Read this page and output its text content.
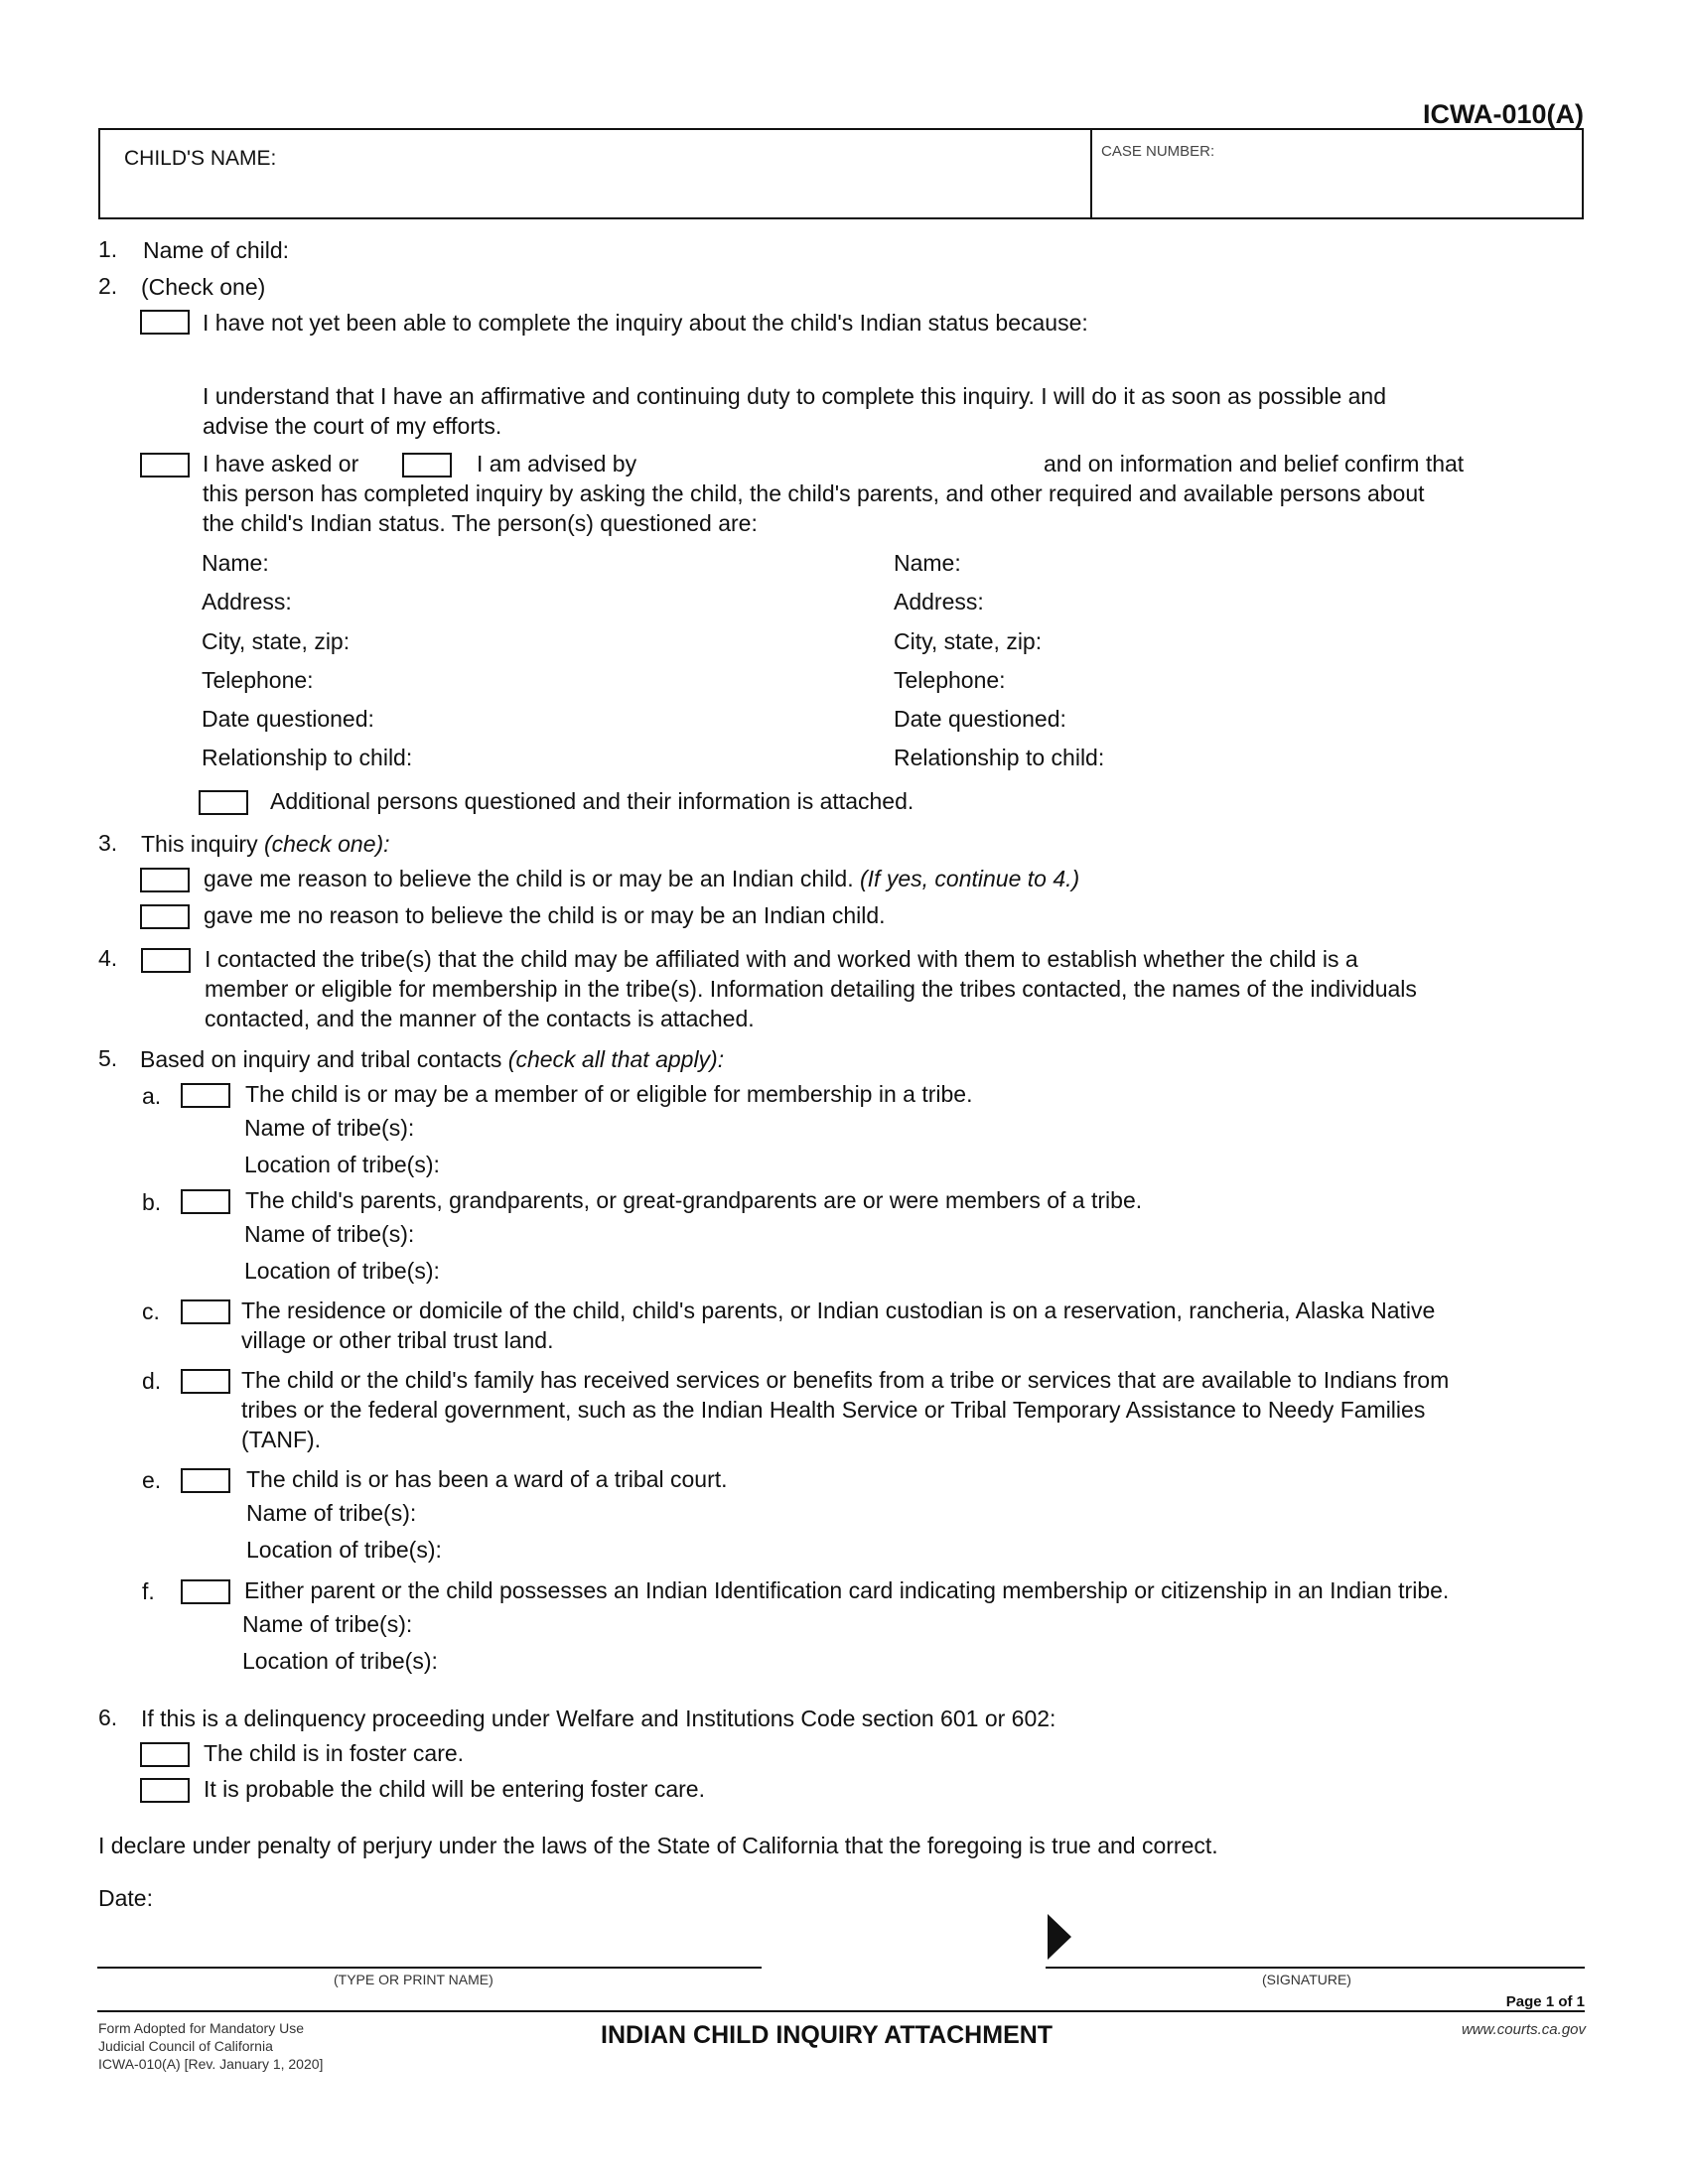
ICWA-010(A)
CHILD'S NAME:	CASE NUMBER:
1. Name of child:
2. (Check one)
I have not yet been able to complete the inquiry about the child's Indian status because:
I understand that I have an affirmative and continuing duty to complete this inquiry. I will do it as soon as possible and
advise the court of my efforts.
I have asked or	I am advised by	and on information and belief confirm that
this person has completed inquiry by asking the child, the child's parents, and other required and available persons about
the child's Indian status. The person(s) questioned are:
Name:
Address:
City, state, zip:
Telephone:
Date questioned:
Relationship to child:
Name:
Address:
City, state, zip:
Telephone:
Date questioned:
Relationship to child:
Additional persons questioned and their information is attached.
3. This inquiry (check one):
gave me reason to believe the child is or may be an Indian child. (If yes, continue to 4.)
gave me no reason to believe the child is or may be an Indian child.
4.	I contacted the tribe(s) that the child may be affiliated with and worked with them to establish whether the child is a
member or eligible for membership in the tribe(s). Information detailing the tribes contacted, the names of the individuals
contacted, and the manner of the contacts is attached.
5. Based on inquiry and tribal contacts (check all that apply):
a.	The child is or may be a member of or eligible for membership in a tribe.
Name of tribe(s):
Location of tribe(s):
b.	The child's parents, grandparents, or great-grandparents are or were members of a tribe.
Name of tribe(s):
Location of tribe(s):
c.	The residence or domicile of the child, child's parents, or Indian custodian is on a reservation, rancheria, Alaska Native
village or other tribal trust land.
d.	The child or the child's family has received services or benefits from a tribe or services that are available to Indians from
tribes or the federal government, such as the Indian Health Service or Tribal Temporary Assistance to Needy Families
(TANF).
e.	The child is or has been a ward of a tribal court.
Name of tribe(s):
Location of tribe(s):
f.	Either parent or the child possesses an Indian Identification card indicating membership or citizenship in an Indian tribe.
Name of tribe(s):
Location of tribe(s):
6. If this is a delinquency proceeding under Welfare and Institutions Code section 601 or 602:
The child is in foster care.
It is probable the child will be entering foster care.
I declare under penalty of perjury under the laws of the State of California that the foregoing is true and correct.
Date:
(TYPE OR PRINT NAME)	(SIGNATURE)
Page 1 of 1
Form Adopted for Mandatory Use
Judicial Council of California
ICWA-010(A) [Rev. January 1, 2020]
INDIAN CHILD INQUIRY ATTACHMENT	www.courts.ca.gov
